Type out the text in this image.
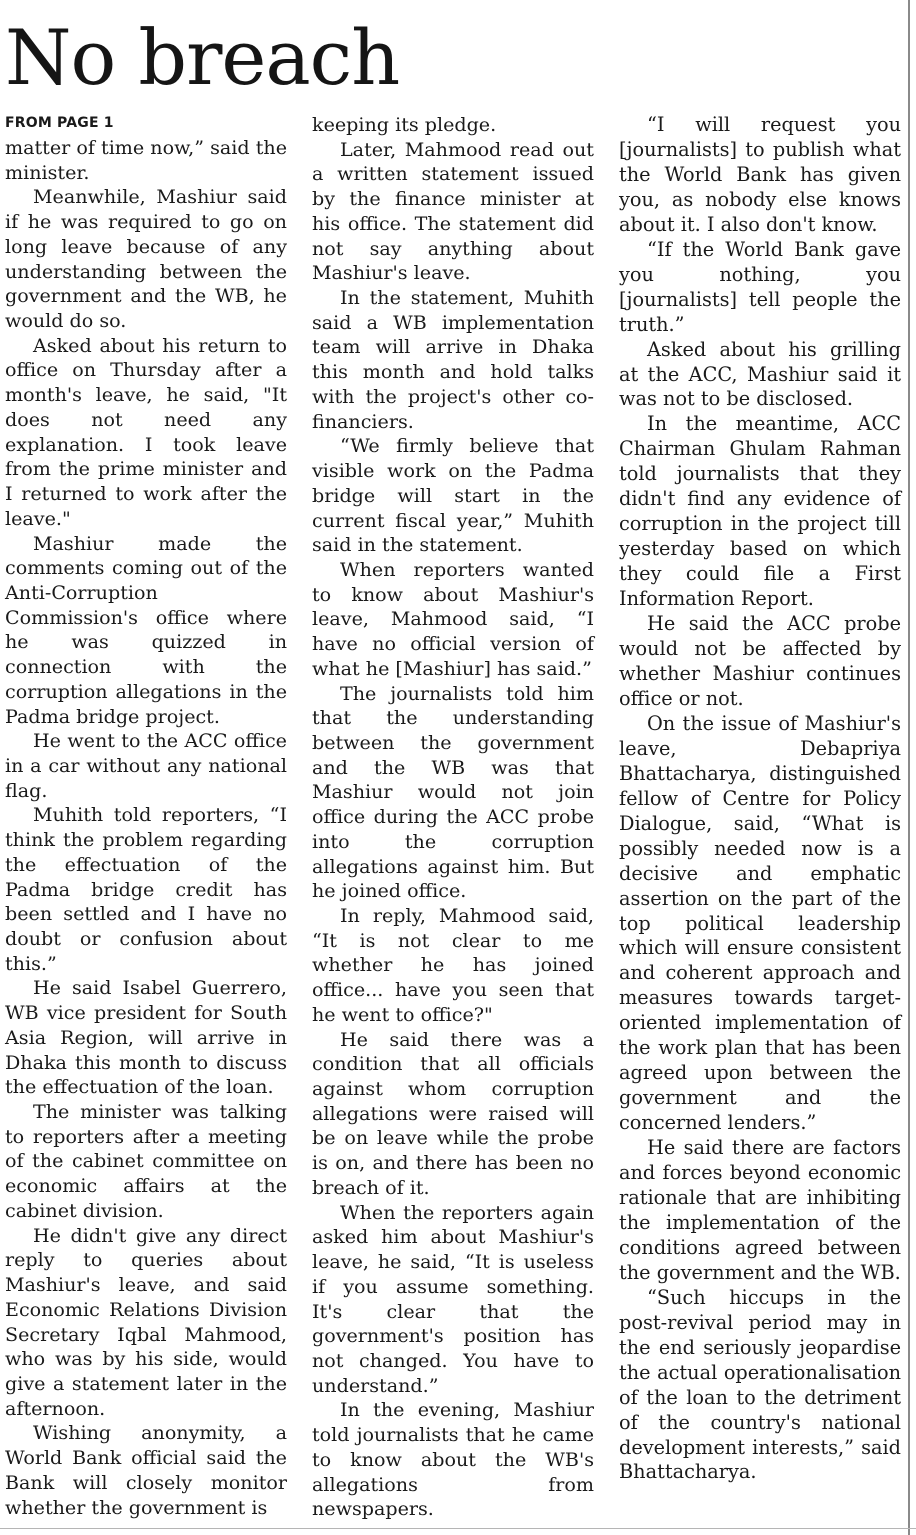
No breach
FROM PAGE 1

matter of time now,” said the minister.

Meanwhile, Mashiur said if he was required to go on long leave because of any understanding between the government and the WB, he would do so.

Asked about his return to office on Thursday after a month's leave, he said, "It does not need any explanation. I took leave from the prime minister and I returned to work after the leave."

Mashiur made the comments coming out of the Anti-Corruption Commission's office where he was quizzed in connection with the corruption allegations in the Padma bridge project.

He went to the ACC office in a car without any national flag.

Muhith told reporters, “I think the problem regarding the effectuation of the Padma bridge credit has been settled and I have no doubt or confusion about this.”

He said Isabel Guerrero, WB vice president for South Asia Region, will arrive in Dhaka this month to discuss the effectuation of the loan.

The minister was talking to reporters after a meeting of the cabinet committee on economic affairs at the cabinet division.

He didn't give any direct reply to queries about Mashiur's leave, and said Economic Relations Division Secretary Iqbal Mahmood, who was by his side, would give a statement later in the afternoon.

Wishing anonymity, a World Bank official said the Bank will closely monitor whether the government is

keeping its pledge.

Later, Mahmood read out a written statement issued by the finance minister at his office. The statement did not say anything about Mashiur's leave.

In the statement, Muhith said a WB implementation team will arrive in Dhaka this month and hold talks with the project's other co-financiers.

“We firmly believe that visible work on the Padma bridge will start in the current fiscal year,” Muhith said in the statement.

When reporters wanted to know about Mashiur's leave, Mahmood said, “I have no official version of what he [Mashiur] has said.”

The journalists told him that the understanding between the government and the WB was that Mashiur would not join office during the ACC probe into the corruption allegations against him. But he joined office.

In reply, Mahmood said, “It is not clear to me whether he has joined office... have you seen that he went to office?"

He said there was a condition that all officials against whom corruption allegations were raised will be on leave while the probe is on, and there has been no breach of it.

When the reporters again asked him about Mashiur's leave, he said, “It is useless if you assume something. It's clear that the government's position has not changed. You have to understand.”

In the evening, Mashiur told journalists that he came to know about the WB's allegations from newspapers.

“I will request you [journalists] to publish what the World Bank has given you, as nobody else knows about it. I also don't know.

“If the World Bank gave you nothing, you [journalists] tell people the truth.”

Asked about his grilling at the ACC, Mashiur said it was not to be disclosed.

In the meantime, ACC Chairman Ghulam Rahman told journalists that they didn't find any evidence of corruption in the project till yesterday based on which they could file a First Information Report.

He said the ACC probe would not be affected by whether Mashiur continues office or not.

On the issue of Mashiur's leave, Debapriya Bhattacharya, distinguished fellow of Centre for Policy Dialogue, said, “What is possibly needed now is a decisive and emphatic assertion on the part of the top political leadership which will ensure consistent and coherent approach and measures towards target-oriented implementation of the work plan that has been agreed upon between the government and the concerned lenders.”

He said there are factors and forces beyond economic rationale that are inhibiting the implementation of the conditions agreed between the government and the WB.

“Such hiccups in the post-revival period may in the end seriously jeopardise the actual operationalisation of the loan to the detriment of the country's national development interests,” said Bhattacharya.
